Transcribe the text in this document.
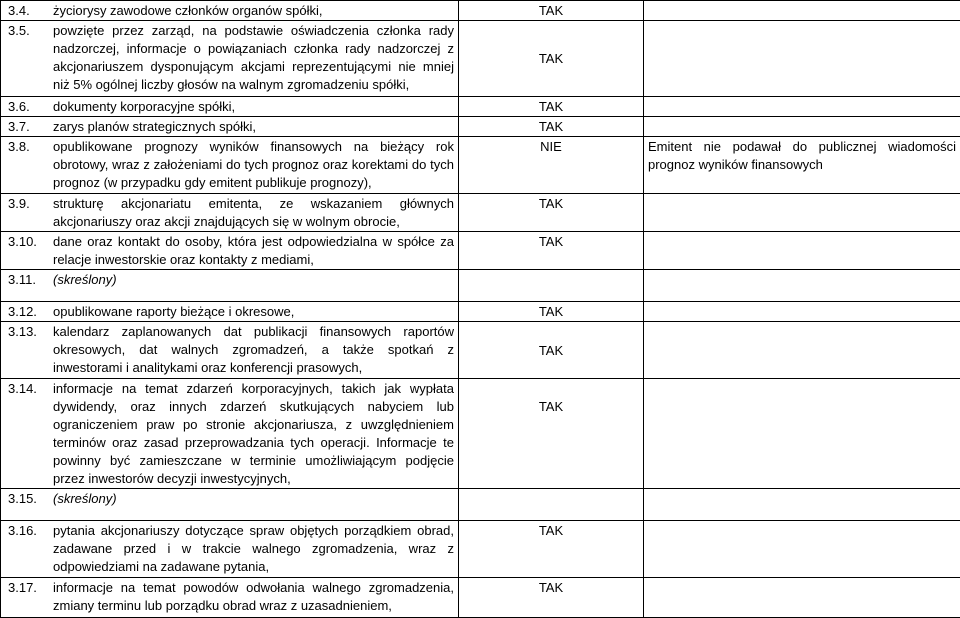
3.4. życiorysy zawodowe członków organów spółki,	TAK	

3.5. powzięte przez zarząd, na podstawie oświadczenia członka rady nadzorczej, informacje o powiązaniach członka rady nadzorczej z akcjonariuszem dysponującym akcjami reprezentującymi nie mniej niż 5% ogólnej liczby głosów na walnym zgromadzeniu spółki,	TAK	

3.6. dokumenty korporacyjne spółki,	TAK	

3.7. zarys planów strategicznych spółki,	TAK	

3.8. opublikowane prognozy wyników finansowych na bieżący rok obrotowy, wraz z założeniami do tych prognoz oraz korektami do tych prognoz (w przypadku gdy emitent publikuje prognozy),	NIE	Emitent nie podawał do publicznej wiadomości prognoz wyników finansowych

3.9. strukturę akcjonariatu emitenta, ze wskazaniem głównych akcjonariuszy oraz akcji znajdujących się w wolnym obrocie,	TAK	

3.10. dane oraz kontakt do osoby, która jest odpowiedzialna w spółce za relacje inwestorskie oraz kontakty z mediami,	TAK	

3.11. (skreślony)		

3.12. opublikowane raporty bieżące i okresowe,	TAK	

3.13. kalendarz zaplanowanych dat publikacji finansowych raportów okresowych, dat walnych zgromadzeń, a także spotkań z inwestorami i analitykami oraz konferencji prasowych,	TAK	

3.14. informacje na temat zdarzeń korporacyjnych, takich jak wypłata dywidendy, oraz innych zdarzeń skutkujących nabyciem lub ograniczeniem praw po stronie akcjonariusza, z uwzględnieniem terminów oraz zasad przeprowadzania tych operacji. Informacje te powinny być zamieszczane w terminie umożliwiającym podjęcie przez inwestorów decyzji inwestycyjnych,	TAK	

3.15. (skreślony)		

3.16. pytania akcjonariuszy dotyczące spraw objętych porządkiem obrad, zadawane przed i w trakcie walnego zgromadzenia, wraz z odpowiedziami na zadawane pytania,	TAK	

3.17. informacje na temat powodów odwołania walnego zgromadzenia, zmiany terminu lub porządku obrad wraz z uzasadnieniem,	TAK	
